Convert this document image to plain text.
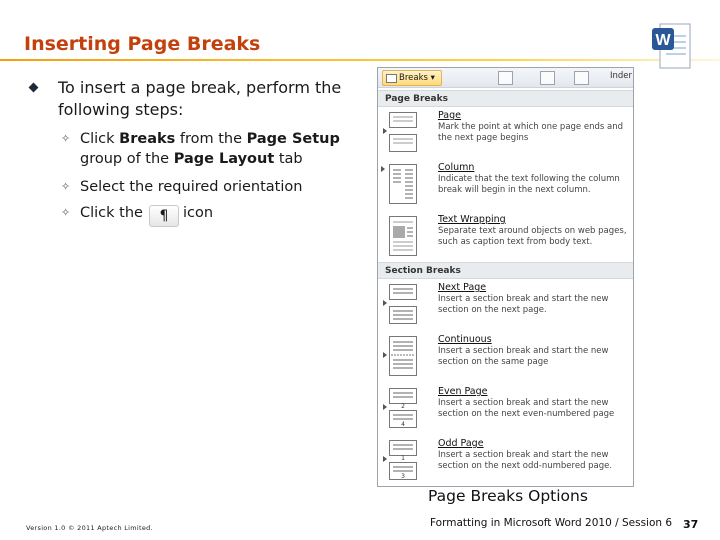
Inserting Page Breaks	W
To insert a page break, perform the following steps:
✧ Click Breaks from the Page Setup group of the Page Layout tab
✧ Select the required orientation
✧ Click the ¶ icon
Breaks ▾	Inder
Page Breaks
Page
Mark the point at which one page ends and the next page begins
Column
Indicate that the text following the column break will begin in the next column.
Text Wrapping
Separate text around objects on web pages, such as caption text from body text.
Section Breaks
Next Page
Insert a section break and start the new section on the next page.
Continuous
Insert a section break and start the new section on the same page
2
4
Even Page
Insert a section break and start the new section on the next even-numbered page
1
3
Odd Page
Insert a section break and start the new section on the next odd-numbered page.
Page Breaks Options
Version 1.0 © 2011 Aptech Limited.	Formatting in Microsoft Word 2010 / Session 6 37
